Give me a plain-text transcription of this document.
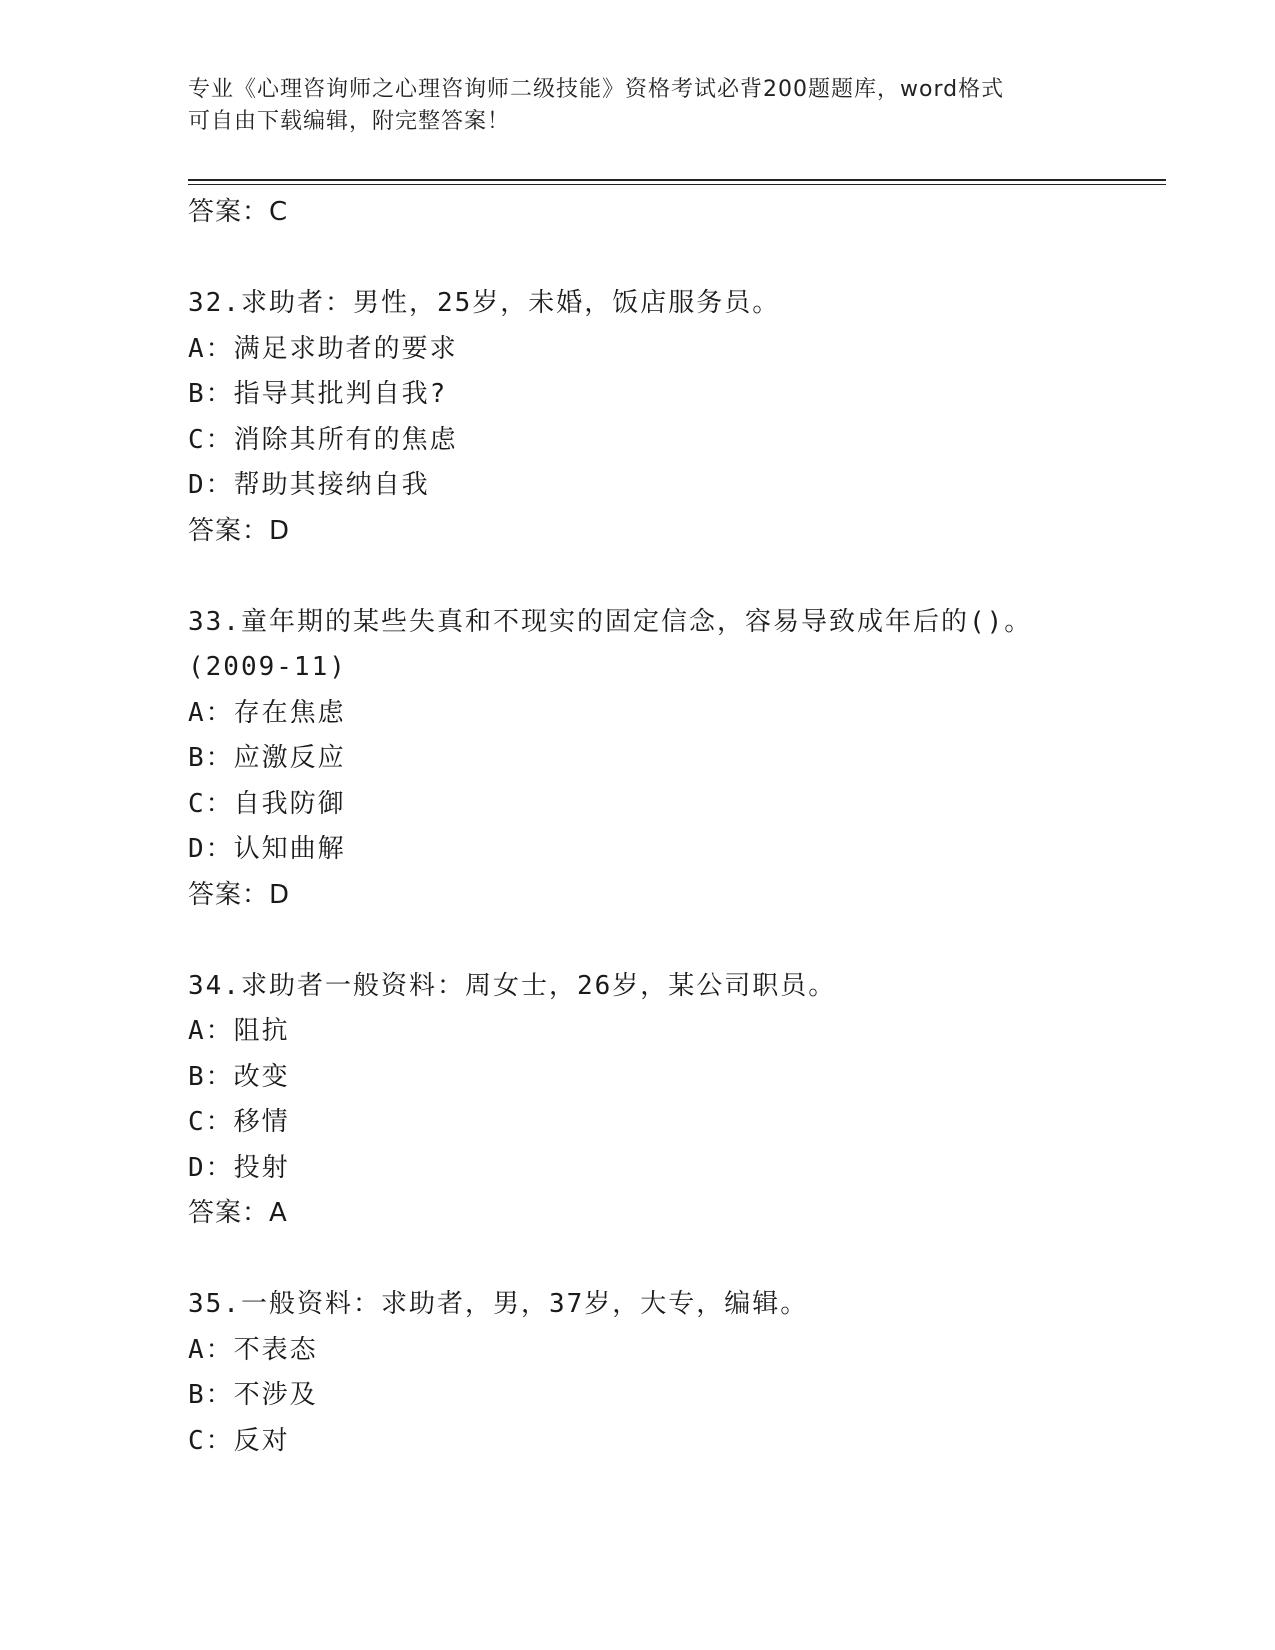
专业《心理咨询师之心理咨询师二级技能》资格考试必背200题题库，word格式
可自由下载编辑，附完整答案！
答案：C
32.求助者：男性，25岁，未婚，饭店服务员。
A：满足求助者的要求
B：指导其批判自我?
C：消除其所有的焦虑
D：帮助其接纳自我
答案：D
33.童年期的某些失真和不现实的固定信念，容易导致成年后的()。
(2009-11)
A：存在焦虑
B：应激反应
C：自我防御
D：认知曲解
答案：D
34.求助者一般资料：周女士，26岁，某公司职员。
A：阻抗
B：改变
C：移情
D：投射
答案：A
35.一般资料：求助者，男，37岁，大专，编辑。
A：不表态
B：不涉及
C：反对
